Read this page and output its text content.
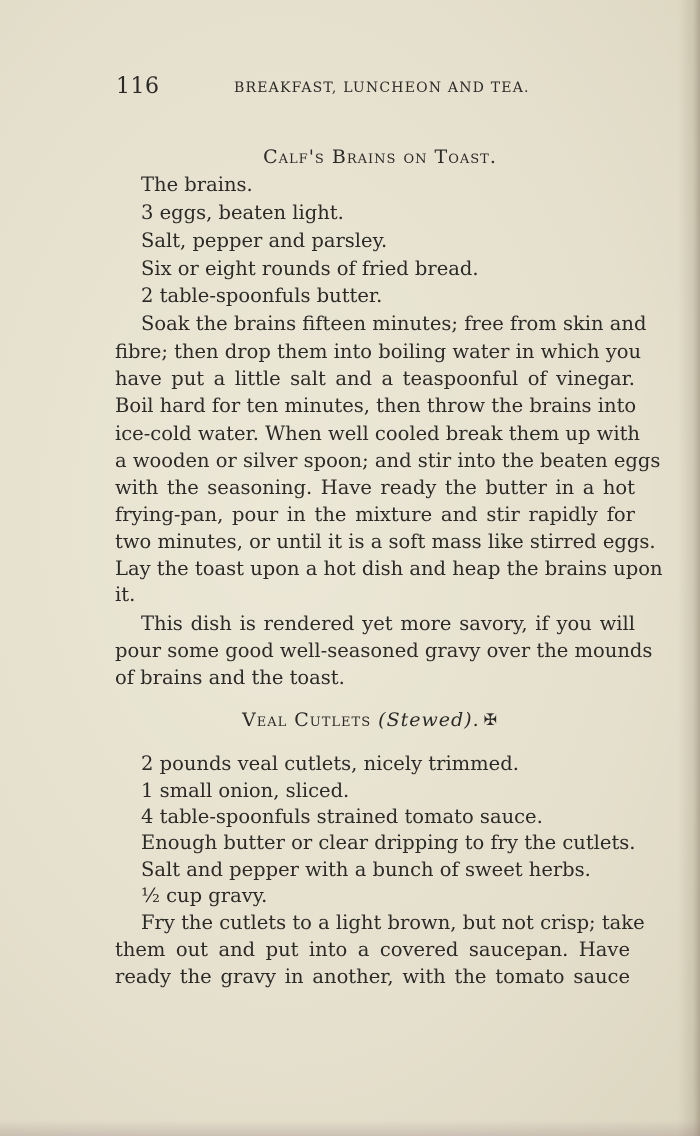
116	BREAKFAST, LUNCHEON AND TEA.
Calf's Brains on Toast.
The brains.
3 eggs, beaten light.
Salt, pepper and parsley.
Six or eight rounds of fried bread.
2 table-spoonfuls butter.
Soak the brains fifteen minutes; free from skin and
fibre; then drop them into boiling water in which you
have put a little salt and a teaspoonful of vinegar.
Boil hard for ten minutes, then throw the brains into
ice-cold water. When well cooled break them up with
a wooden or silver spoon; and stir into the beaten eggs
with the seasoning. Have ready the butter in a hot
frying-pan, pour in the mixture and stir rapidly for
two minutes, or until it is a soft mass like stirred eggs.
Lay the toast upon a hot dish and heap the brains upon
it.
This dish is rendered yet more savory, if you will
pour some good well-seasoned gravy over the mounds
of brains and the toast.
Veal Cutlets (Stewed). ✠
2 pounds veal cutlets, nicely trimmed.
1 small onion, sliced.
4 table-spoonfuls strained tomato sauce.
Enough butter or clear dripping to fry the cutlets.
Salt and pepper with a bunch of sweet herbs.
½ cup gravy.
Fry the cutlets to a light brown, but not crisp; take
them out and put into a covered saucepan. Have
ready the gravy in another, with the tomato sauce
